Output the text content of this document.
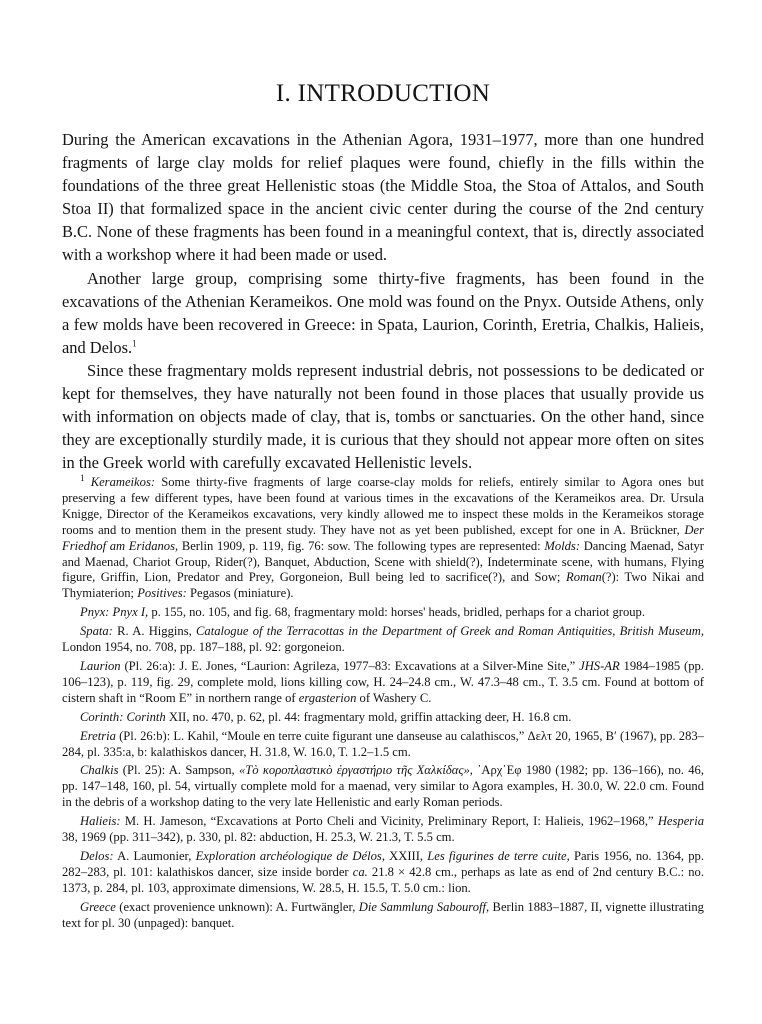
I. INTRODUCTION

During the American excavations in the Athenian Agora, 1931–1977, more than one hundred fragments of large clay molds for relief plaques were found, chiefly in the fills within the foundations of the three great Hellenistic stoas (the Middle Stoa, the Stoa of Attalos, and South Stoa II) that formalized space in the ancient civic center during the course of the 2nd century B.C. None of these fragments has been found in a meaningful context, that is, directly associated with a workshop where it had been made or used.

Another large group, comprising some thirty-five fragments, has been found in the excavations of the Athenian Kerameikos. One mold was found on the Pnyx. Outside Athens, only a few molds have been recovered in Greece: in Spata, Laurion, Corinth, Eretria, Chalkis, Halieis, and Delos.$^1$

Since these fragmentary molds represent industrial debris, not possessions to be dedicated or kept for themselves, they have naturally not been found in those places that usually provide us with information on objects made of clay, that is, tombs or sanctuaries. On the other hand, since they are exceptionally sturdily made, it is curious that they should not appear more often on sites in the Greek world with carefully excavated Hellenistic levels.

$^1$ Kerameikos: Some thirty-five fragments of large coarse-clay molds for reliefs, entirely similar to Agora ones but preserving a few different types, have been found at various times in the excavations of the Kerameikos area. Dr. Ursula Knigge, Director of the Kerameikos excavations, very kindly allowed me to inspect these molds in the Kerameikos storage rooms and to mention them in the present study. They have not as yet been published, except for one in A. Brückner, Der Friedhof am Eridanos, Berlin 1909, p. 119, fig. 76: sow. The following types are represented: Molds: Dancing Maenad, Satyr and Maenad, Chariot Group, Rider(?), Banquet, Abduction, Scene with shield(?), Indeterminate scene, with humans, Flying figure, Griffin, Lion, Predator and Prey, Gorgoneion, Bull being led to sacrifice(?), and Sow; Roman(?): Two Nikai and Thymiaterion; Positives: Pegasos (miniature).

Pnyx: Pnyx I, p. 155, no. 105, and fig. 68, fragmentary mold: horses' heads, bridled, perhaps for a chariot group.

Spata: R. A. Higgins, Catalogue of the Terracottas in the Department of Greek and Roman Antiquities, British Museum, London 1954, no. 708, pp. 187–188, pl. 92: gorgoneion.

Laurion (Pl. 26:a): J. E. Jones, “Laurion: Agrileza, 1977–83: Excavations at a Silver-Mine Site,” JHS-AR 1984–1985 (pp. 106–123), p. 119, fig. 29, complete mold, lions killing cow, H. 24–24.8 cm., W. 47.3–48 cm., T. 3.5 cm. Found at bottom of cistern shaft in “Room E” in northern range of ergasterion of Washery C.

Corinth: Corinth XII, no. 470, p. 62, pl. 44: fragmentary mold, griffin attacking deer, H. 16.8 cm.

Eretria (Pl. 26:b): L. Kahil, “Moule en terre cuite figurant une danseuse au calathiscos,” Δελτ 20, 1965, B′ (1967), pp. 283–284, pl. 335:a, b: kalathiskos dancer, H. 31.8, W. 16.0, T. 1.2–1.5 cm.

Chalkis (Pl. 25): A. Sampson, «Τὸ κοροπλαστικὸ ἐργαστήριο τῆς Χαλκίδας», ᾿Αρχ᾿Εφ 1980 (1982; pp. 136–166), no. 46, pp. 147–148, 160, pl. 54, virtually complete mold for a maenad, very similar to Agora examples, H. 30.0, W. 22.0 cm. Found in the debris of a workshop dating to the very late Hellenistic and early Roman periods.

Halieis: M. H. Jameson, “Excavations at Porto Cheli and Vicinity, Preliminary Report, I: Halieis, 1962–1968,” Hesperia 38, 1969 (pp. 311–342), p. 330, pl. 82: abduction, H. 25.3, W. 21.3, T. 5.5 cm.

Delos: A. Laumonier, Exploration archéologique de Délos, XXIII, Les figurines de terre cuite, Paris 1956, no. 1364, pp. 282–283, pl. 101: kalathiskos dancer, size inside border ca. 21.8 × 42.8 cm., perhaps as late as end of 2nd century B.C.: no. 1373, p. 284, pl. 103, approximate dimensions, W. 28.5, H. 15.5, T. 5.0 cm.: lion.

Greece (exact provenience unknown): A. Furtwängler, Die Sammlung Sabouroff, Berlin 1883–1887, II, vignette illustrating text for pl. 30 (unpaged): banquet.
